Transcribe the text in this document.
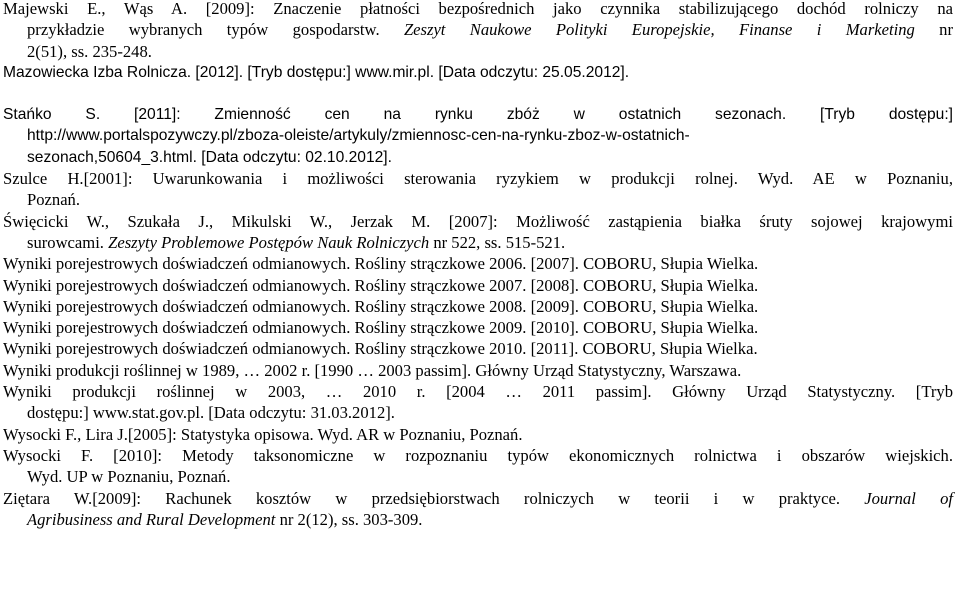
Majewski E., Wąs A. [2009]: Znaczenie płatności bezpośrednich jako czynnika stabilizującego dochód rolniczy na
przykładzie wybranych typów gospodarstw. Zeszyt Naukowe Polityki Europejskie, Finanse i Marketing nr
2(51), ss. 235-248.

Mazowiecka Izba Rolnicza. [2012]. [Tryb dostępu:] www.mir.pl. [Data odczytu: 25.05.2012].

Stańko S. [2011]: Zmienność cen na rynku zbóż w ostatnich sezonach. [Tryb dostępu:]
http://www.portalspozywczy.pl/zboza-oleiste/artykuly/zmiennosc-cen-na-rynku-zboz-w-ostatnich-
sezonach,50604_3.html. [Data odczytu: 02.10.2012].

Szulce H.[2001]: Uwarunkowania i możliwości sterowania ryzykiem w produkcji rolnej. Wyd. AE w Poznaniu,
Poznań.

Święcicki W., Szukała J., Mikulski W., Jerzak M. [2007]: Możliwość zastąpienia białka śruty sojowej krajowymi
surowcami. Zeszyty Problemowe Postępów Nauk Rolniczych nr 522, ss. 515-521.

Wyniki porejestrowych doświadczeń odmianowych. Rośliny strączkowe 2006. [2007]. COBORU, Słupia Wielka.

Wyniki porejestrowych doświadczeń odmianowych. Rośliny strączkowe 2007. [2008]. COBORU, Słupia Wielka.

Wyniki porejestrowych doświadczeń odmianowych. Rośliny strączkowe 2008. [2009]. COBORU, Słupia Wielka.

Wyniki porejestrowych doświadczeń odmianowych. Rośliny strączkowe 2009. [2010]. COBORU, Słupia Wielka.

Wyniki porejestrowych doświadczeń odmianowych. Rośliny strączkowe 2010. [2011]. COBORU, Słupia Wielka.

Wyniki produkcji roślinnej w 1989, … 2002 r. [1990 … 2003 passim]. Główny Urząd Statystyczny, Warszawa.

Wyniki produkcji roślinnej w 2003, … 2010 r. [2004 … 2011 passim]. Główny Urząd Statystyczny. [Tryb
dostępu:] www.stat.gov.pl. [Data odczytu: 31.03.2012].

Wysocki F., Lira J.[2005]: Statystyka opisowa. Wyd. AR w Poznaniu, Poznań.

Wysocki F. [2010]: Metody taksonomiczne w rozpoznaniu typów ekonomicznych rolnictwa i obszarów wiejskich.
Wyd. UP w Poznaniu, Poznań.

Ziętara W.[2009]: Rachunek kosztów w przedsiębiorstwach rolniczych w teorii i w praktyce. Journal of
Agribusiness and Rural Development nr 2(12), ss. 303-309.
